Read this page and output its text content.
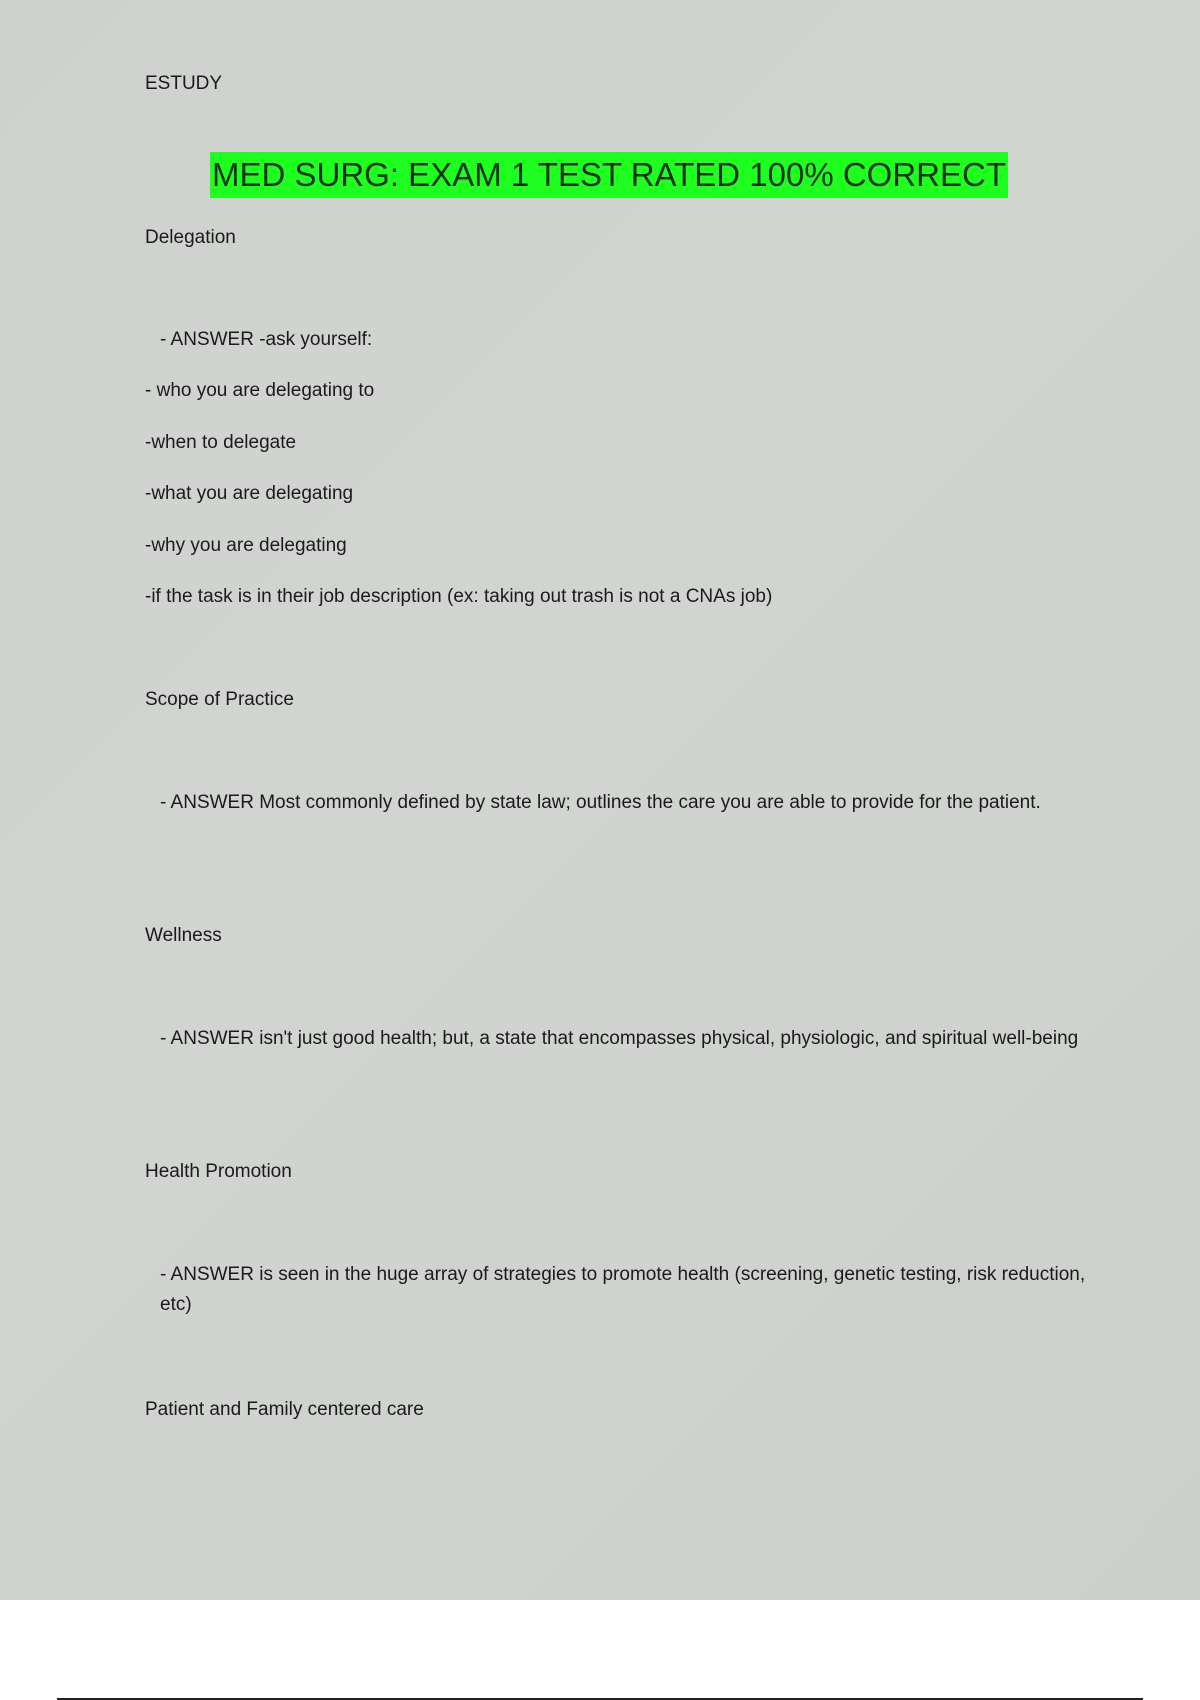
ESTUDY
MED SURG: EXAM 1 TEST RATED 100% CORRECT
Delegation
- ANSWER -ask yourself:
- who you are delegating to
-when to delegate
-what you are delegating
-why you are delegating
-if the task is in their job description (ex: taking out trash is not a CNAs job)
Scope of Practice
- ANSWER Most commonly defined by state law; outlines the care you are able to provide for the patient.
Wellness
- ANSWER isn't just good health; but, a state that encompasses physical, physiologic, and spiritual well-being
Health Promotion
- ANSWER is seen in the huge array of strategies to promote health (screening, genetic testing, risk reduction, etc)
Patient and Family centered care
